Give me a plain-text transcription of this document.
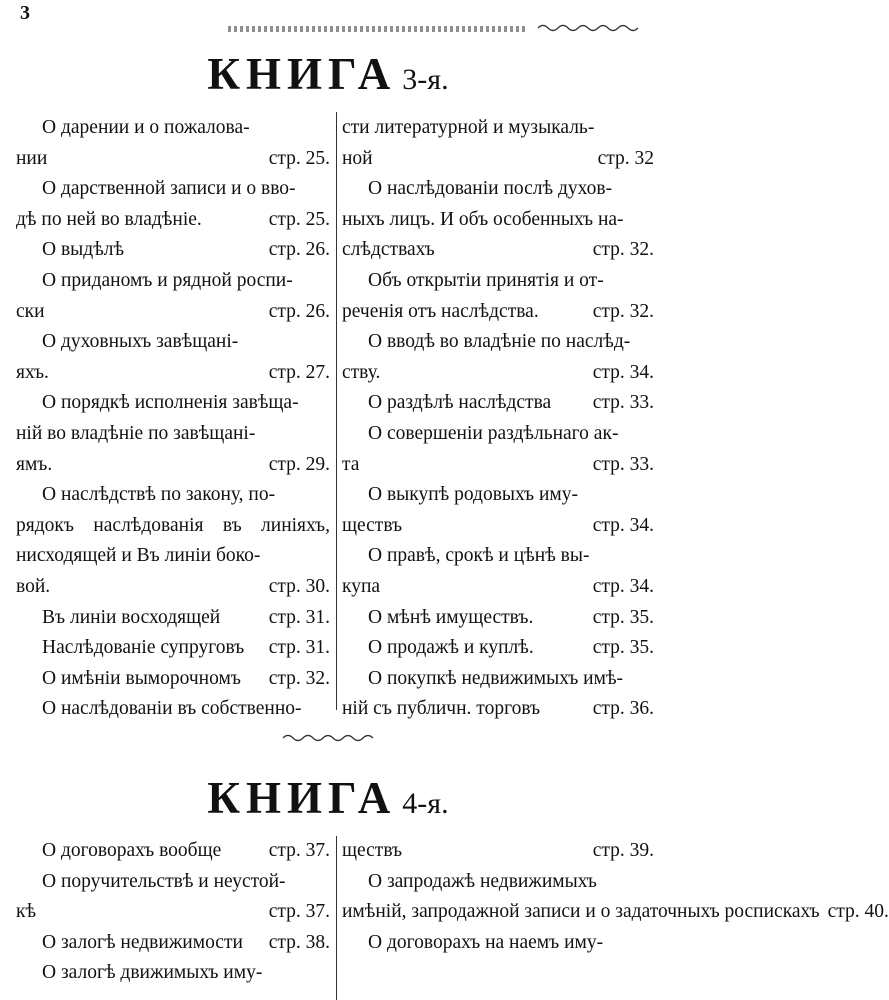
3
КНИГА 3-я.
О дарении и о пожалова-
нии	стр. 25.
О дарственной записи и о вво-
дѣ по ней во владѣніе.	стр. 25.
О выдѣлѣ	стр. 26.
О приданомъ и рядной роспи-
ски	стр. 26.
О духовныхъ завѣщані-
яхъ.	стр. 27.
О порядкѣ исполненія завѣща-
ній во владѣніе по завѣщані-
ямъ.	стр. 29.
О наслѣдствѣ по закону, по-
рядокъ наслѣдованія въ линіяхъ, нисходящей и Въ линіи боко-
вой.	стр. 30.
Въ линіи восходящей стр. 31.
Наслѣдованіе супруговъ стр. 31.
О имѣніи выморочномъ стр. 32.
О наслѣдованіи въ собственно-
сти литературной и музыкаль-
ной	стр. 32
О наслѣдованіи послѣ духов-
ныхъ лицъ. И объ особенныхъ на-
слѣдствахъ	стр. 32.
Объ открытіи принятія и от-
реченія отъ наслѣдства.	стр. 32.
О вводѣ во владѣніе по наслѣд-
ству.	стр. 34.
О раздѣлѣ наслѣдства стр. 33.
О совершеніи раздѣльнаго ак-
та	стр. 33.
О выкупѣ родовыхъ иму-
ществъ	стр. 34.
О правѣ, срокѣ и цѣнѣ вы-
купа	стр. 34.
О мѣнѣ имуществъ.	стр. 35.
О продажѣ и куплѣ.	стр. 35.
О покупкѣ недвижимыхъ имѣ-
ній съ публичн. торговъ	стр. 36.
КНИГА 4-я.
О договорахъ вообще стр. 37.
О поручительствѣ и неустой-
кѣ	стр. 37.
О залогѣ недвижимости стр. 38.
О залогѣ движимыхъ иму-
ществъ	стр. 39.
О запродажѣ недвижимыхъ
имѣній, запродажной записи и о задаточныхъ роспискахъ стр. 40.
О договорахъ на наемъ иму-
